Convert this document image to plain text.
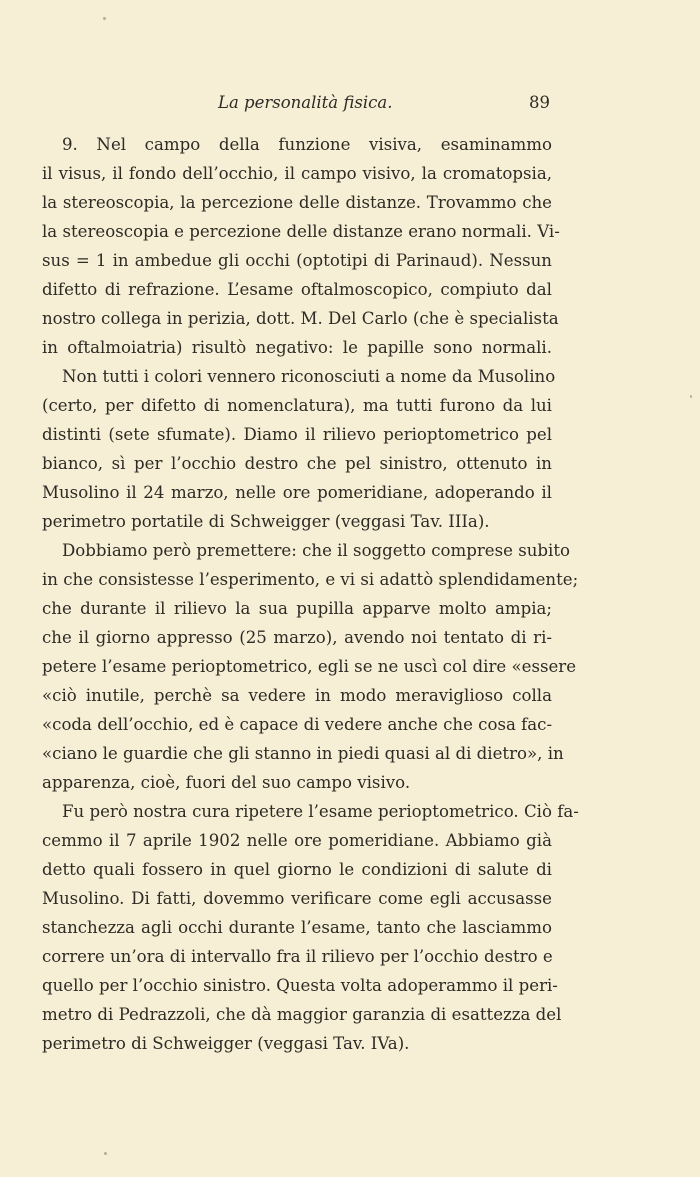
La personalità fisica.	89
9. Nel campo della funzione visiva, esaminammo
il visus, il fondo dell’occhio, il campo visivo, la cromatopsia,
la stereoscopia, la percezione delle distanze. Trovammo che
la stereoscopia e percezione delle distanze erano normali. Vi-
sus = 1 in ambedue gli occhi (optotipi di Parinaud). Nessun
difetto di refrazione. L’esame oftalmoscopico, compiuto dal
nostro collega in perizia, dott. M. Del Carlo (che è specialista
in oftalmoiatria) risultò negativo: le papille sono normali.
Non tutti i colori vennero riconosciuti a nome da Musolino
(certo, per difetto di nomenclatura), ma tutti furono da lui
distinti (sete sfumate). Diamo il rilievo perioptometrico pel
bianco, sì per l’occhio destro che pel sinistro, ottenuto in
Musolino il 24 marzo, nelle ore pomeridiane, adoperando il
perimetro portatile di Schweigger (veggasi Tav. IIIa).
Dobbiamo però premettere: che il soggetto comprese subito
in che consistesse l’esperimento, e vi si adattò splendidamente;
che durante il rilievo la sua pupilla apparve molto ampia;
che il giorno appresso (25 marzo), avendo noi tentato di ri-
petere l’esame perioptometrico, egli se ne uscì col dire «essere
«ciò inutile, perchè sa vedere in modo meraviglioso colla
«coda dell’occhio, ed è capace di vedere anche che cosa fac-
«ciano le guardie che gli stanno in piedi quasi al di dietro», in
apparenza, cioè, fuori del suo campo visivo.
Fu però nostra cura ripetere l’esame perioptometrico. Ciò fa-
cemmo il 7 aprile 1902 nelle ore pomeridiane. Abbiamo già
detto quali fossero in quel giorno le condizioni di salute di
Musolino. Di fatti, dovemmo verificare come egli accusasse
stanchezza agli occhi durante l’esame, tanto che lasciammo
correre un’ora di intervallo fra il rilievo per l’occhio destro e
quello per l’occhio sinistro. Questa volta adoperammo il peri-
metro di Pedrazzoli, che dà maggior garanzia di esattezza del
perimetro di Schweigger (veggasi Tav. IVa).
